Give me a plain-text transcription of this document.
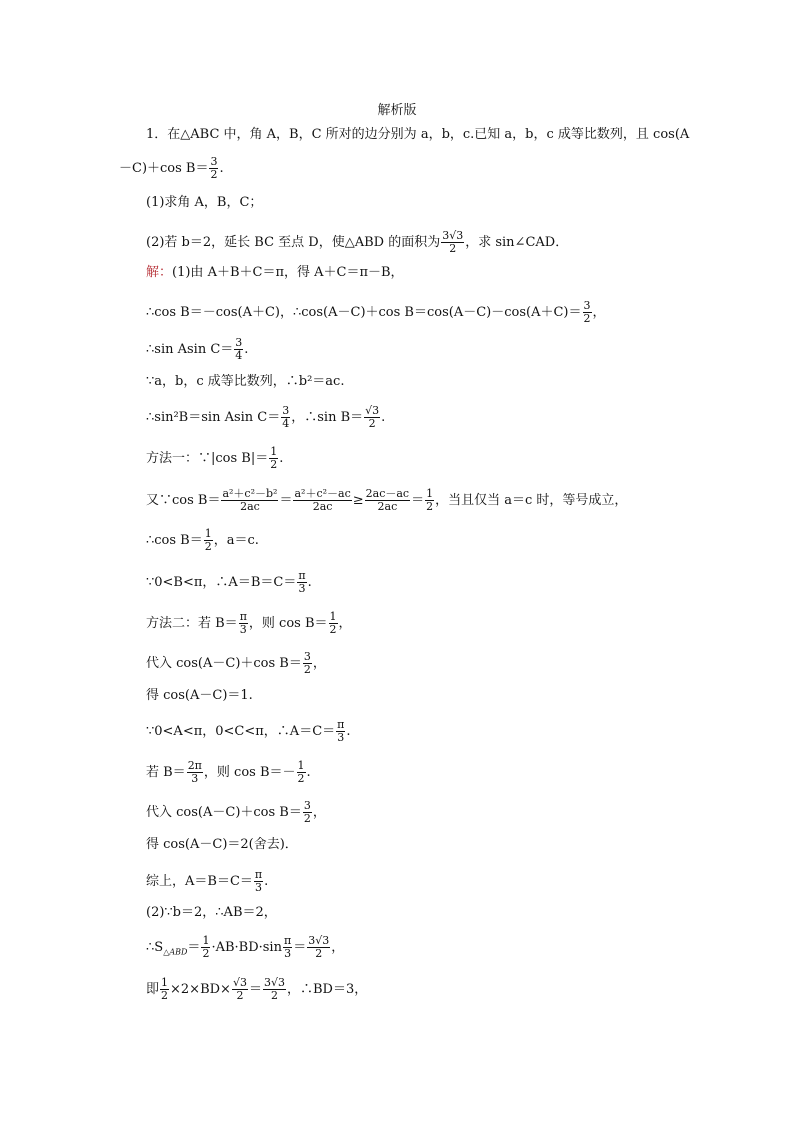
解析版
1．在△ABC 中，角 A，B，C 所对的边分别为 a，b，c.已知 a，b，c 成等比数列，且 cos(A
－C)＋cos $B= \frac{3}{2}$ .
(1)求角 A，B，C；
(2)若 b＝2，延长 BC 至点 D，使△ABD 的面积为 $\frac{3√3}{2}$ ，求 sin∠CAD．
解：(1)由 A＋B＋C＝π，得 A＋C＝π－B，
∴cos B＝－cos(A＋C)，∴cos(A－C)＋cos $B=\cos(A-C)-\cos(A+C)= \frac{3}{2}$ ，
∴sin Asin $C= \frac{3}{4}$ .
∵a，b，c 成等比数列，∴b²＝ac.
∴sin²B＝sin Asin $C= \frac{3}{4}$ ，∴sin $B= \frac{√3}{2}$ .
方法一：∵|cos $B|= \frac{1}{2}$ .
又∵cos $B= \frac{\text{a²＋c²－b²}}{2ac} = \frac{\text{a²＋c²－ac}}{2ac} \ge \frac{2ac-ac}{2ac} = \frac{1}{2}$ ，当且仅当 a＝c 时，等号成立，
∴cos $B= \frac{1}{2}$ ，a＝c.
∵0<B<π，∴A＝B＝C＝ $\frac{\pi}{3}$ .
方法二：若 $B= \frac{\pi}{3}$ ，则 $\cos B= \frac{1}{2}$ ，
代入 cos(A－C)＋cos $B= \frac{3}{2}$ ，
得 cos(A－C)＝1.
∵0<A<π，0<C<π，∴A＝C＝ $\frac{\pi}{3}$ .
若 $B= \frac{2\pi}{3}$ ，则 $\cos B=- \frac{1}{2}$ .
代入 cos(A－C)＋cos $B= \frac{3}{2}$ ，
得 cos(A－C)＝2(舍去)．
综上，$A=B=C= \frac{\pi}{3}$ .
(2)∵b＝2，∴AB＝2，
$\therefore S_{\triangle ABD}= \frac{1}{2} \cdot AB\cdot BD\cdot\sin \frac{\pi}{3} = \frac{3√3}{2}$ ，
即 $\frac{1}{2} \times 2\times BD\times \frac{√3}{2} = \frac{3√3}{2}$ ，∴BD＝3，
